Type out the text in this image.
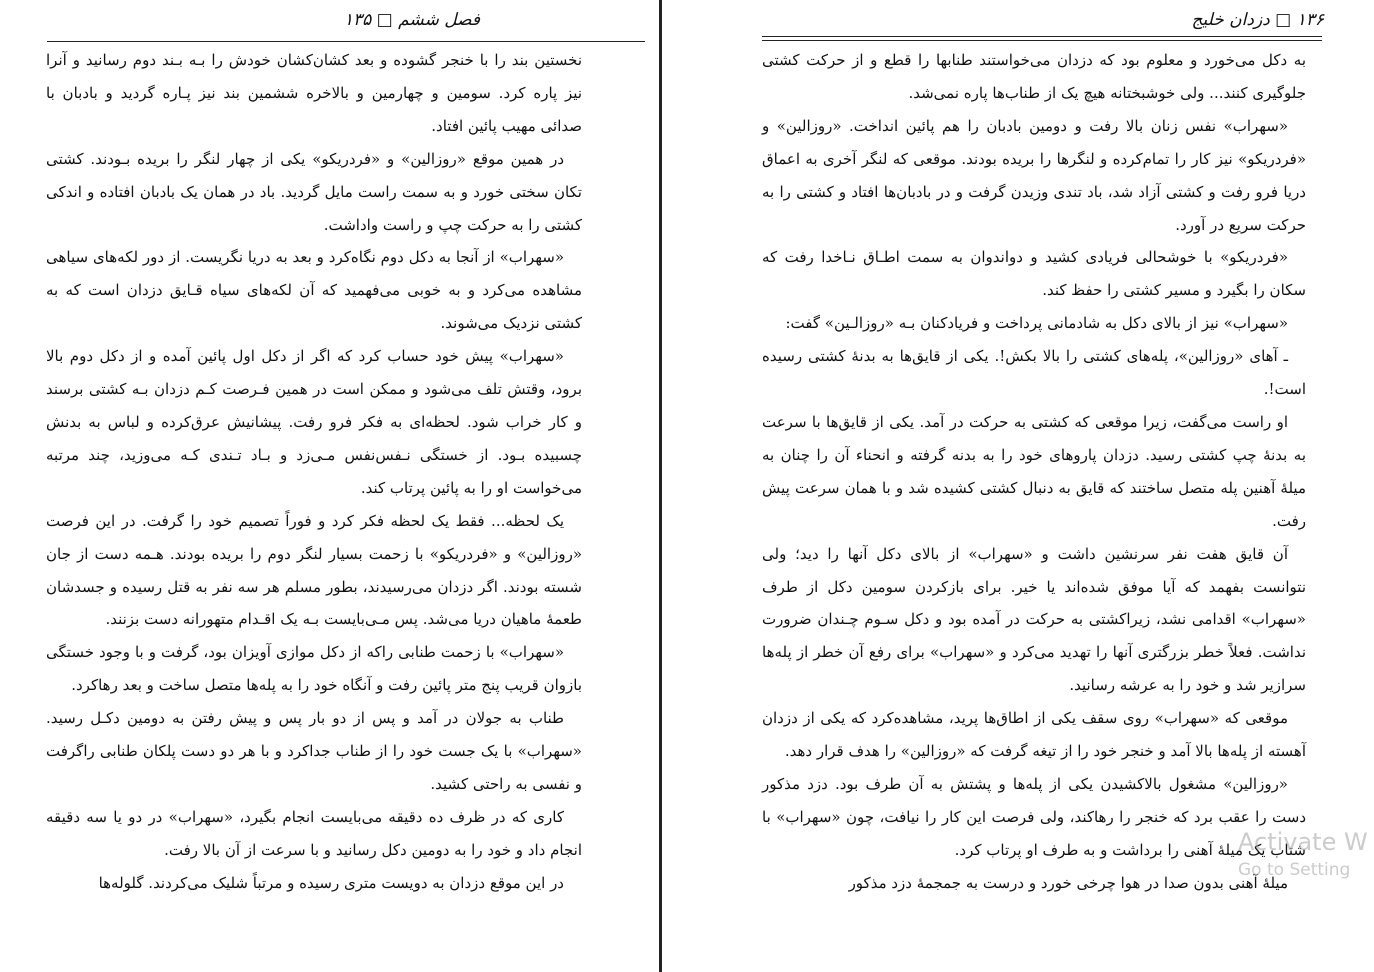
فصل ششم □ ۱۳۵

نخستین بند را با خنجر گشوده و بعد کشان‌کشان خودش را بـه بـند دوم رسانید و آنرا نیز پاره کرد. سومین و چهارمین و بالاخره ششمین بند نیز پـاره گردید و بادبان با صدائی مهیب پائین افتاد.

در همین موقع «روزالین» و «فردریکو» یکی از چهار لنگر را بریده بـودند. کشتی تکان سختی خورد و به سمت راست مایل گردید. باد در همان یک بادبان افتاده و اندکی کشتی را به حرکت چپ و راست واداشت.

«سهراب» از آنجا به دکل دوم نگاه‌کرد و بعد به دریا نگریست. از دور لکه‌های سیاهی مشاهده می‌کرد و به خوبی می‌فهمید که آن لکه‌های سیاه قـایق دزدان است که به کشتی نزدیک می‌شوند.

«سهراب» پیش خود حساب کرد که اگر از دکل اول پائین آمده و از دکل دوم بالا برود، وقتش تلف می‌شود و ممکن است در همین فـرصت کـم دزدان بـه کشتی برسند و کار خراب شود. لحظه‌ای به فکر فرو رفت. پیشانیش عرق‌کرده و لباس به بدنش چسبیده بـود. از خستگی نـفس‌نفس مـی‌زد و بـاد تـندی کـه می‌وزید، چند مرتبه می‌خواست او را به پائین پرتاب کند.

یک لحظه... فقط یک لحظه فکر کرد و فوراً تصمیم خود را گرفت. در این فرصت «روزالین» و «فردریکو» با زحمت بسیار لنگر دوم را بریده بودند. هـمه دست از جان شسته بودند. اگر دزدان می‌رسیدند، بطور مسلم هر سه نفر به قتل رسیده و جسدشان طعمهٔ ماهیان دریا می‌شد. پس مـی‌بایست بـه یک اقـدام متهورانه دست بزنند.

«سهراب» با زحمت طنابی راکه از دکل موازی آویزان بود، گرفت و با وجود خستگی بازوان قریب پنج متر پائین رفت و آنگاه خود را به پله‌ها متصل ساخت و بعد رهاکرد.

طناب به جولان در آمد و پس از دو بار پس و پیش رفتن به دومین دکـل رسید. «سهراب» با یک جست خود را از طناب جداکرد و با هر دو دست پلکان طنابی راگرفت و نفسی به راحتی کشید.

کاری که در ظرف ده دقیقه می‌بایست انجام بگیرد، «سهراب» در دو یا سه دقیقه انجام داد و خود را به دومین دکل رسانید و با سرعت از آن بالا رفت.

در این موقع دزدان به دویست متری رسیده و مرتباً شلیک می‌کردند. گلوله‌ها

۱۳۶ □ دزدان خلیج

به دکل می‌خورد و معلوم بود که دزدان می‌خواستند طنابها را قطع و از حرکت کشتی جلوگیری کنند... ولی خوشبختانه هیچ یک از طناب‌ها پاره نمی‌شد.

«سهراب» نفس زنان بالا رفت و دومین بادبان را هم پائین انداخت. «روزالین» و «فردریکو» نیز کار را تمام‌کرده و لنگرها را بریده بودند. موقعی که لنگر آخری به اعماق دریا فرو رفت و کشتی آزاد شد، باد تندی وزیدن گرفت و در بادبان‌ها افتاد و کشتی را به حرکت سریع در آورد.

«فردریکو» با خوشحالی فریادی کشید و دواندوان به سمت اطـاق نـاخدا رفت که سکان را بگیرد و مسیر کشتی را حفظ کند.

«سهراب» نیز از بالای دکل به شادمانی پرداخت و فریادکنان بـه «روزالـین» گفت:

ـ آهای «روزالین»، پله‌های کشتی را بالا بکش!. یکی از قایق‌ها به بدنهٔ کشتی رسیده است!.

او راست می‌گفت، زیرا موقعی که کشتی به حرکت در آمد. یکی از قایق‌ها با سرعت به بدنهٔ چپ کشتی رسید. دزدان پاروهای خود را به بدنه گرفته و انحناء آن را چنان به میلهٔ آهنین پله متصل ساختند که قایق به دنبال کشتی کشیده شد و با همان سرعت پیش رفت.

آن قایق هفت نفر سرنشین داشت و «سهراب» از بالای دکل آنها را دید؛ ولی نتوانست بفهمد که آیا موفق شده‌اند یا خیر. برای بازکردن سومین دکل از طرف «سهراب» اقدامی نشد، زیراکشتی به حرکت در آمده بود و دکل سـوم چـندان ضرورت نداشت. فعلاً خطر بزرگتری آنها را تهدید می‌کرد و «سهراب» برای رفع آن خطر از پله‌ها سرازیر شد و خود را به عرشه رسانید.

موقعی که «سهراب» روی سقف یکی از اطاق‌ها پرید، مشاهده‌کرد که یکی از دزدان آهسته از پله‌ها بالا آمد و خنجر خود را از تیغه گرفت که «روزالین» را هدف قرار دهد.

«روزالین» مشغول بالاکشیدن یکی از پله‌ها و پشتش به آن طرف بود. دزد مذکور دست را عقب برد که خنجر را رهاکند، ولی فرصت این کار را نیافت، چون «سهراب» با شتاب یک میلهٔ آهنی را برداشت و به طرف او پرتاب کرد.

میلهٔ آهنی بدون صدا در هوا چرخی خورد و درست به جمجمهٔ دزد مذکور

Activate W
Go to Setting
